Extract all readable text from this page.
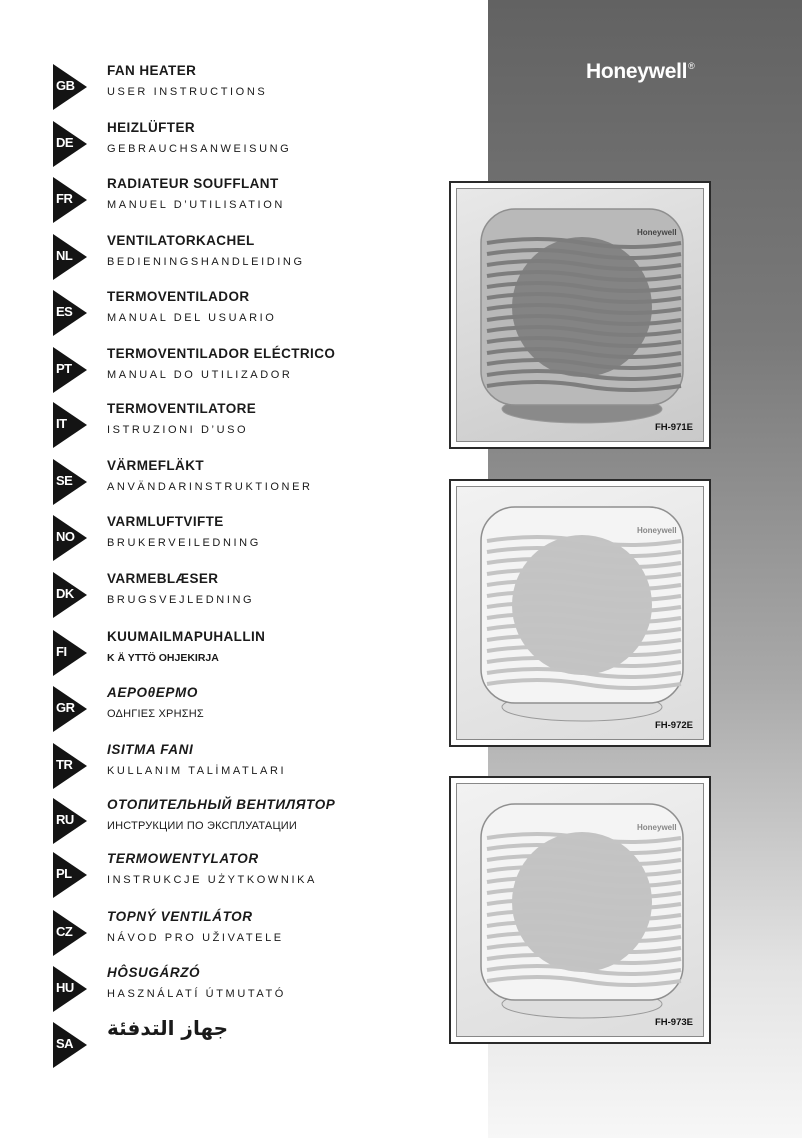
Honeywell®
GB
FAN HEATER
USER INSTRUCTIONS
DE
HEIZLÜFTER
GEBRAUCHSANWEISUNG
FR
RADIATEUR SOUFFLANT
MANUEL D’UTILISATION
NL
VENTILATORKACHEL
BEDIENINGSHANDLEIDING
ES
TERMOVENTILADOR
MANUAL DEL USUARIO
PT
TERMOVENTILADOR ELÉCTRICO
MANUAL DO UTILIZADOR
IT
TERMOVENTILATORE
ISTRUZIONI D’USO
SE
VÄRMEFLÄKT
ANVÄNDARINSTRUKTIONER
NO
VARMLUFTVIFTE
BRUKERVEILEDNING
DK
VARMEBLÆSER
BRUGSVEJLEDNING
FI
KUUMAILMAPUHALLIN
K Ä YTTÖ OHJEKIRJA
GR
ΑΕΡΟθΕΡΜΟ
ΟΔΗΓΙΕΣ ΧΡΗΣΗΣ
TR
ISITMA FANI
KULLANIM TALİMATLARI
RU
ОТОПИТЕЛЬНЫЙ ВЕНТИЛЯТОР
ИНСТРУКЦИИ ПО ЭКСПЛУАТАЦИИ
PL
TERMOWENTYLATOR
INSTRUKCJE UŻYTKOWNIKA
CZ
TOPNÝ VENTILÁTOR
NÁVOD PRO UŽIVATELE
HU
HÔSUGÁRZÓ
HASZNÁLATÍ ÚTMUTATÓ
SA
جهاز التدفئة
Honeywell
FH-971E
Honeywell
FH-972E
Honeywell
FH-973E
